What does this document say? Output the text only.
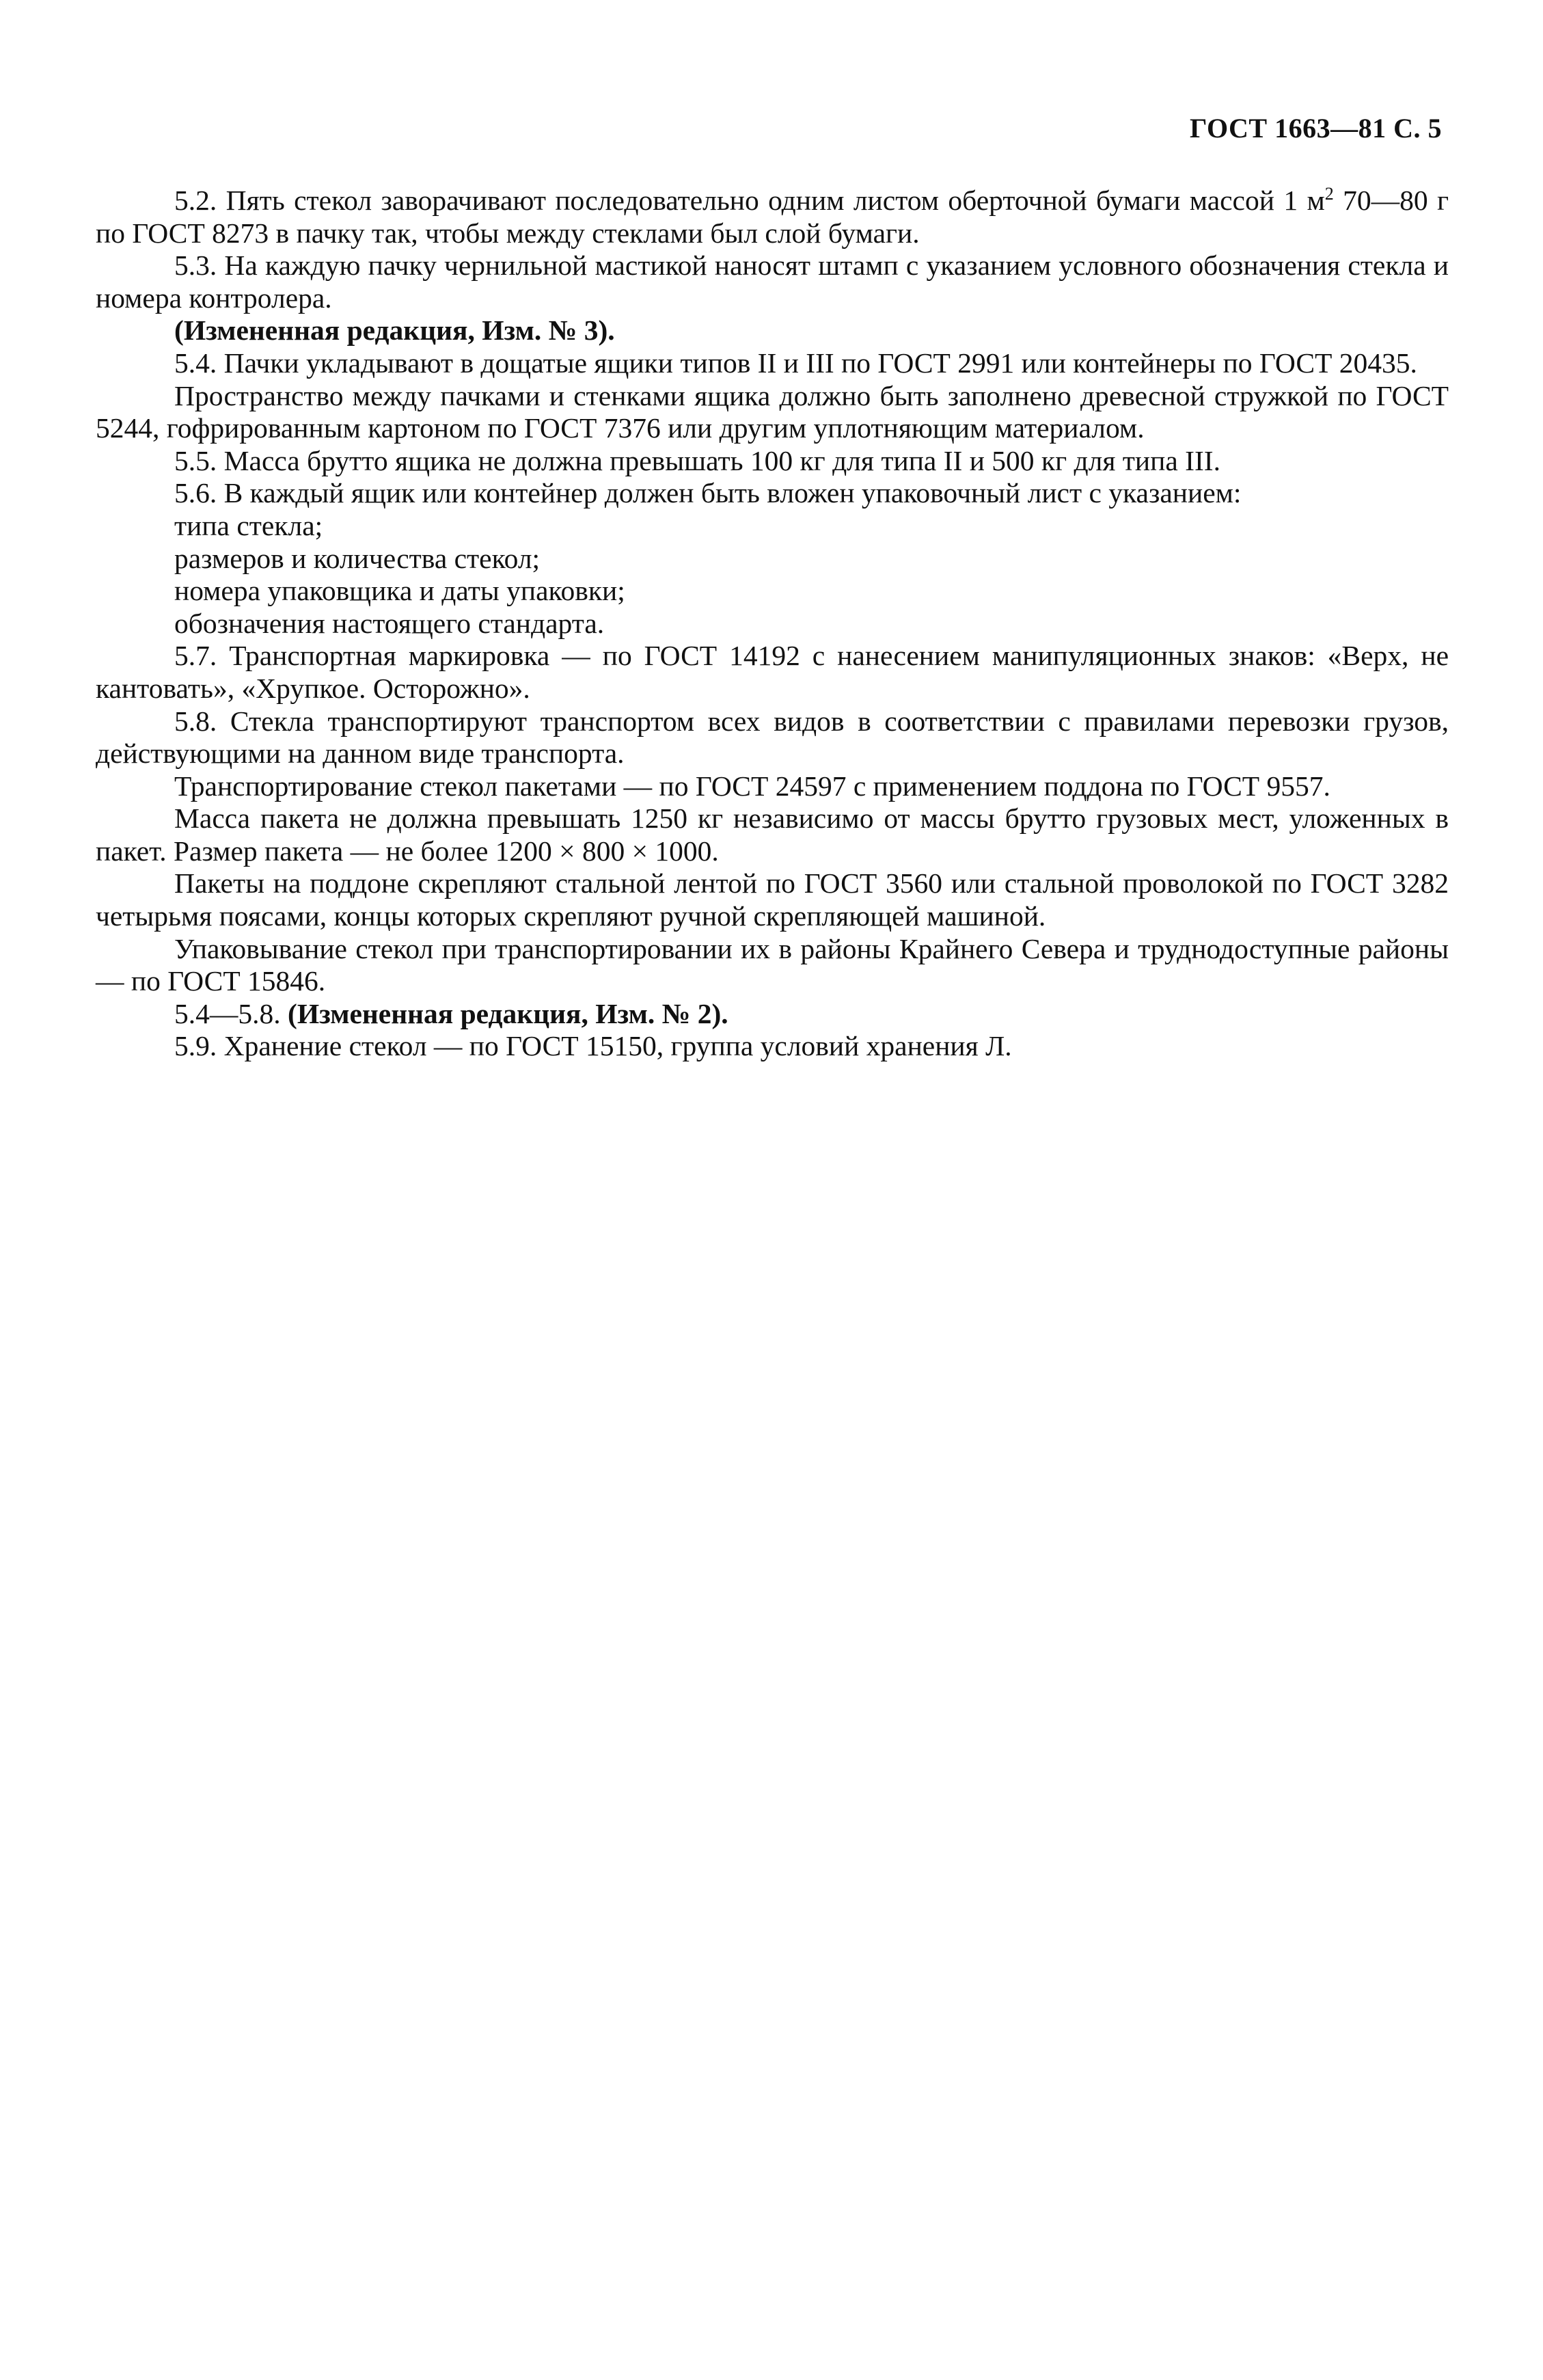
ГОСТ 1663—81 С. 5

5.2. Пять стекол заворачивают последовательно одним листом оберточной бумаги массой 1 $м^2$ 70—80 г по ГОСТ 8273 в пачку так, чтобы между стеклами был слой бумаги.

5.3. На каждую пачку чернильной мастикой наносят штамп с указанием условного обозначения стекла и номера контролера.

(Измененная редакция, Изм. № 3).

5.4. Пачки укладывают в дощатые ящики типов II и III по ГОСТ 2991 или контейнеры по ГОСТ 20435.

Пространство между пачками и стенками ящика должно быть заполнено древесной стружкой по ГОСТ 5244, гофрированным картоном по ГОСТ 7376 или другим уплотняющим материалом.

5.5. Масса брутто ящика не должна превышать 100 кг для типа II и 500 кг для типа III.

5.6. В каждый ящик или контейнер должен быть вложен упаковочный лист с указанием:

типа стекла;

размеров и количества стекол;

номера упаковщика и даты упаковки;

обозначения настоящего стандарта.

5.7. Транспортная маркировка — по ГОСТ 14192 с нанесением манипуляционных знаков: «Верх, не кантовать», «Хрупкое. Осторожно».

5.8. Стекла транспортируют транспортом всех видов в соответствии с правилами перевозки грузов, действующими на данном виде транспорта.

Транспортирование стекол пакетами — по ГОСТ 24597 с применением поддона по ГОСТ 9557.

Масса пакета не должна превышать 1250 кг независимо от массы брутто грузовых мест, уложенных в пакет. Размер пакета — не более 1200 × 800 × 1000.

Пакеты на поддоне скрепляют стальной лентой по ГОСТ 3560 или стальной проволокой по ГОСТ 3282 четырьмя поясами, концы которых скрепляют ручной скрепляющей машиной.

Упаковывание стекол при транспортировании их в районы Крайнего Севера и труднодоступные районы — по ГОСТ 15846.

5.4—5.8. (Измененная редакция, Изм. № 2).

5.9. Хранение стекол — по ГОСТ 15150, группа условий хранения Л.
